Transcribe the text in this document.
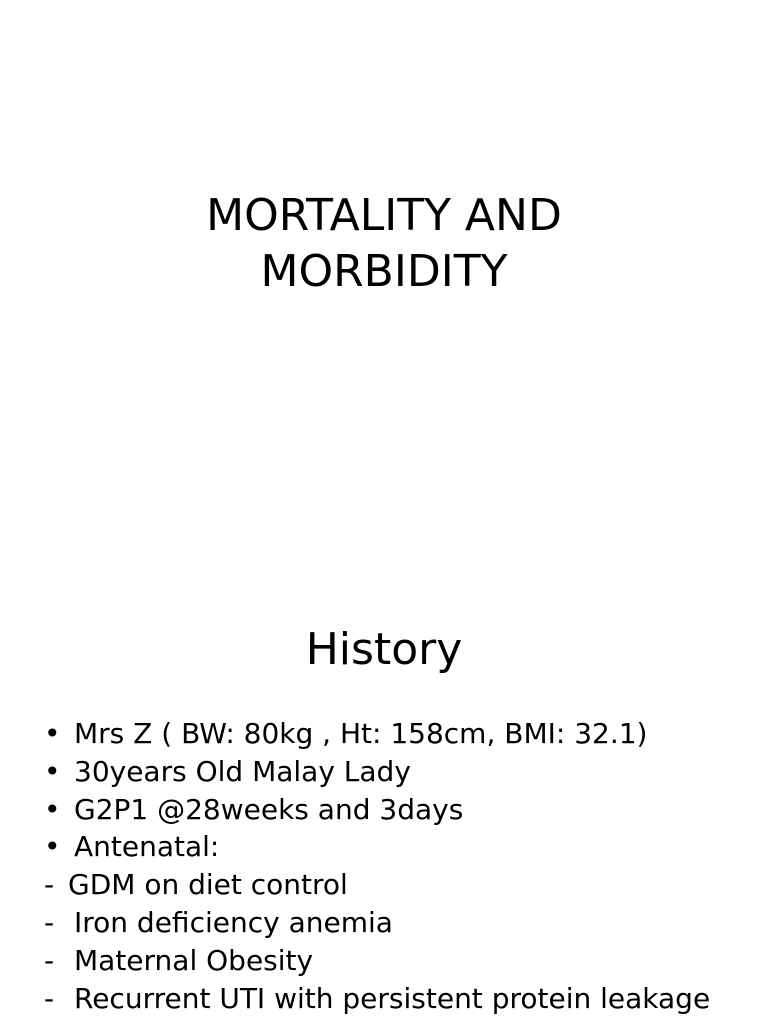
MORTALITY AND
MORBIDITY
History
• Mrs Z ( BW: 80kg , Ht: 158cm, BMI: 32.1)
• 30years Old Malay Lady
• G2P1 @28weeks and 3days
• Antenatal:
- GDM on diet control
- Iron deficiency anemia
- Maternal Obesity
- Recurrent UTI with persistent protein leakage
